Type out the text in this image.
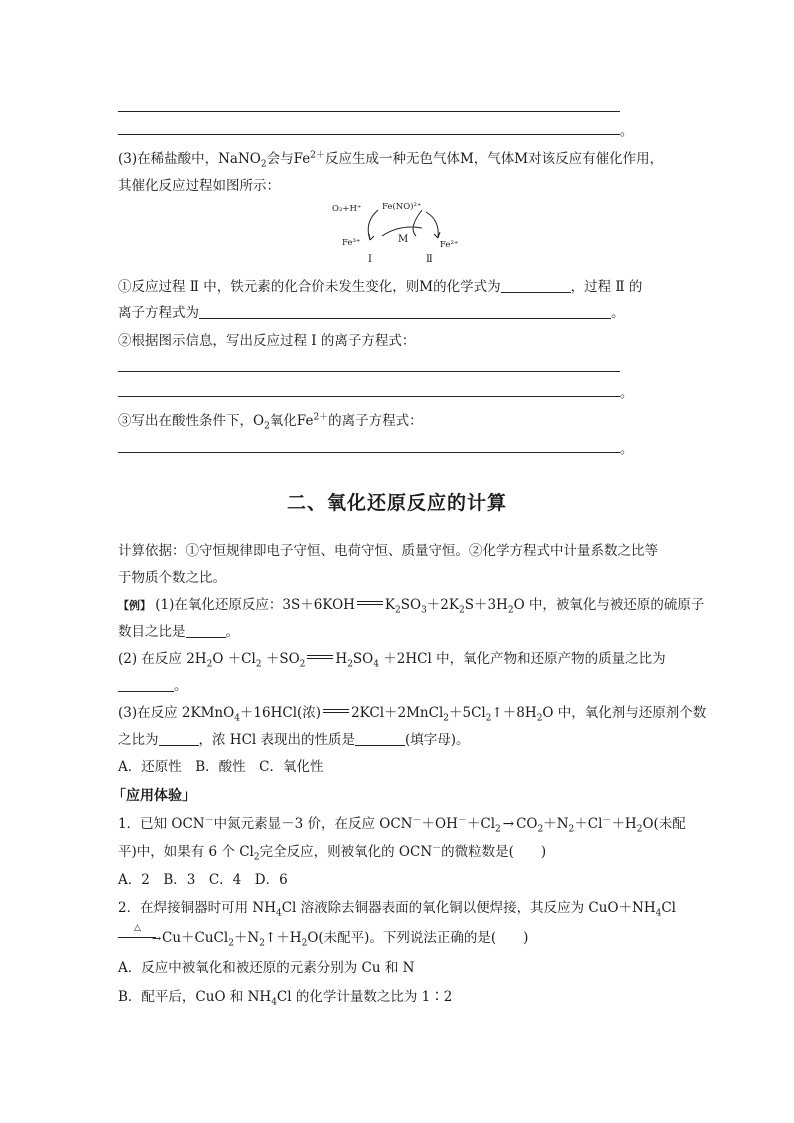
。
(3)在稀盐酸中，NaNO$_2$会与$Fe^{2+}$反应生成一种无色气体M，气体M对该反应有催化作用，
其催化反应过程如图所示：
O₂+H⁺ Fe(NO)²⁺
Fe³⁺	M	Fe²⁺
Ⅰ	Ⅱ
①反应过程 Ⅱ 中，铁元素的化合价未发生变化，则M的化学式为	，过程 Ⅱ 的
离子方程式为	。
②根据图示信息，写出反应过程 Ⅰ 的离子方程式：
。
③写出在酸性条件下，$O_2$氧化$Fe^{2+}$的离子方程式：
。
二、氧化还原反应的计算
计算依据：①守恒规律即电子守恒、电荷守恒、质量守恒。②化学方程式中计量系数之比等
于物质个数之比。
【例】 (1)在氧化还原反应：3S＋6KOH $K_2SO_3+2K_2S+3H_2O$ 中，被氧化与被还原的硫原子
数目之比是	。
(2) 在反应 $2H_2O +Cl_2 +SO_2$ $H_2SO_4 +2HCl$ 中，氧化产物和还原产物的质量之比为
。
(3)在反应 2KMnO$_4$＋16HCl(浓) $2KCl+2MnCl_2+5Cl_2↑+8H_2O$ 中，氧化剂与还原剂个数
之比为	，浓 HCl 表现出的性质是	(填字母)。
A．还原性　B．酸性　C．氧化性
「应用体验」
1．已知 OCN－中氮元素显－3 价，在反应 $OCN^-+OH^-+Cl_2 \to CO_2+N_2+Cl^-+H_2O$(未配
平)中，如果有 6 个 $Cl_2$完全反应，则被氧化的 OCN－的微粒数是(　　)
A．2　B．3　C．4　D．6
2．在焊接铜器时可用 $NH_4Cl$ 溶液除去铜器表面的氧化铜以便焊接，其反应为 $CuO+NH_4Cl$
△
$\to Cu+CuCl_2+N_2↑+H_2O$(未配平)。下列说法正确的是(　　)
A．反应中被氧化和被还原的元素分别为 Cu 和 N
B．配平后，CuO 和 $NH_4Cl$ 的化学计量数之比为 1∶2
